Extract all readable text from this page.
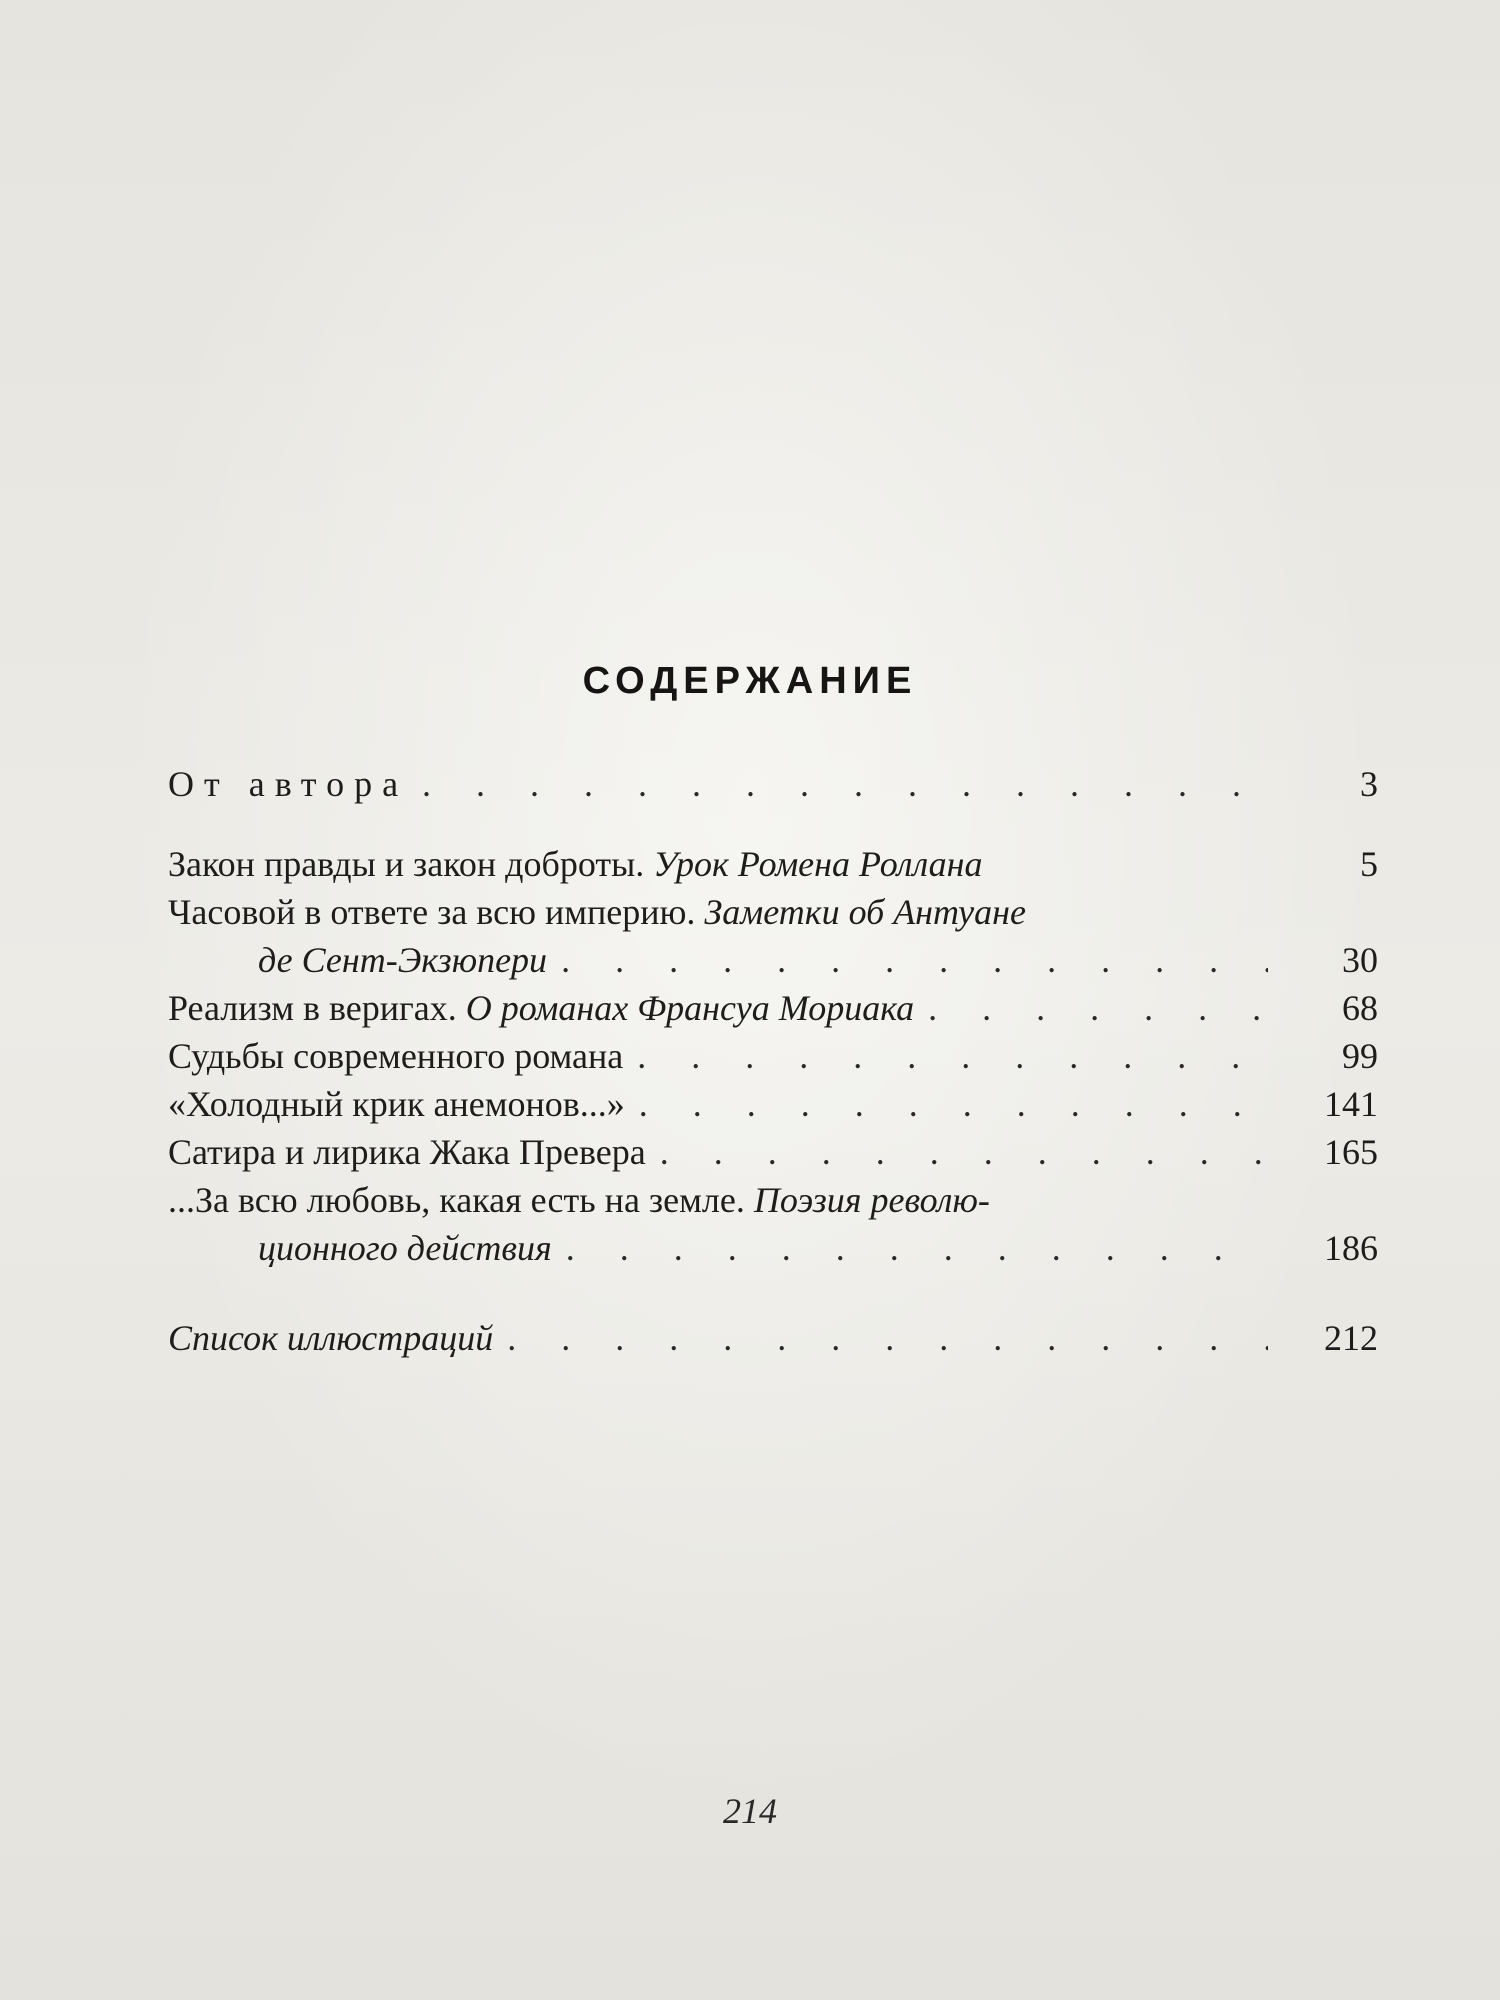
СОДЕРЖАНИЕ
От автора . . .	3
Закон правды и закон доброты. Урок Ромена Роллана	5
Часовой в ответе за всю империю. Заметки об Антуане
де Сент-Экзюпери . . .	30
Реализм в веригах. О романах Франсуа Мориака . . .	68
Судьбы современного романа . . .	99
«Холодный крик анемонов...» . . .	141
Сатира и лирика Жака Превера . . .	165
...За всю любовь, какая есть на земле. Поэзия револю-
ционного действия . . .	186
Список иллюстраций . . .	212
214
